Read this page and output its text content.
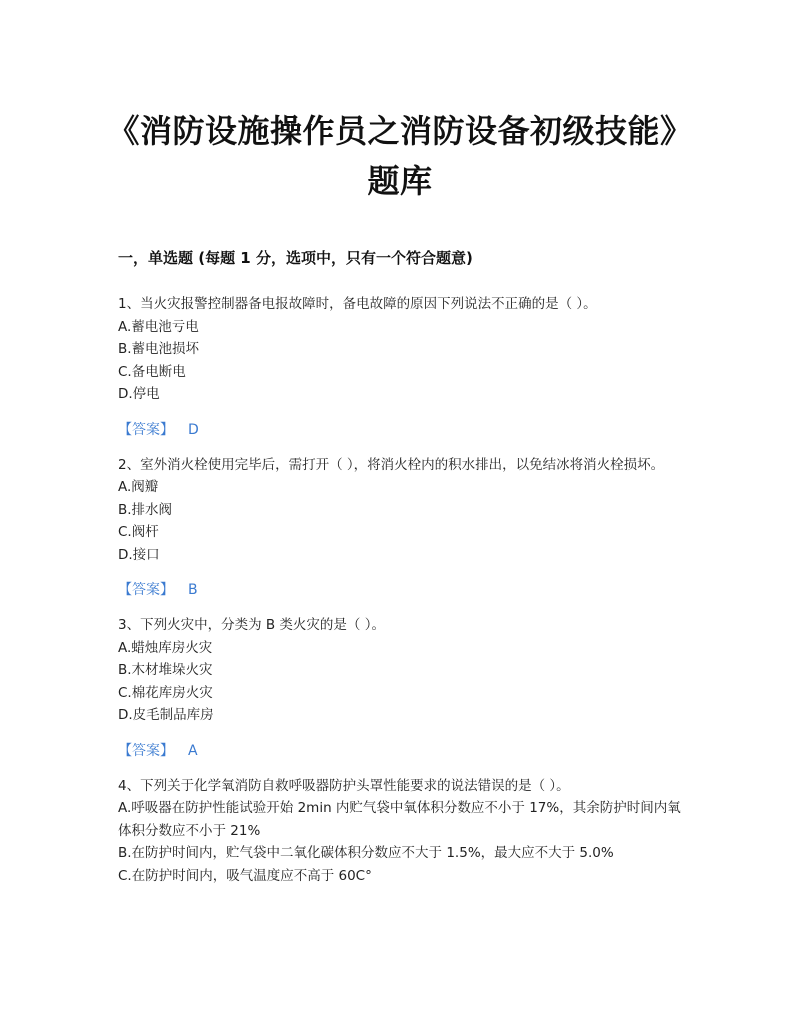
《消防设施操作员之消防设备初级技能》题库
一，单选题 (每题 1 分，选项中，只有一个符合题意)
1、当火灾报警控制器备电报故障时，备电故障的原因下列说法不正确的是（ ）。
A.蓄电池亏电
B.蓄电池损坏
C.备电断电
D.停电
【答案】 D
2、室外消火栓使用完毕后，需打开（ ），将消火栓内的积水排出，以免结冰将消火栓损坏。
A.阀瓣
B.排水阀
C.阀杆
D.接口
【答案】 B
3、下列火灾中，分类为 B 类火灾的是（ ）。
A.蜡烛库房火灾
B.木材堆垛火灾
C.棉花库房火灾
D.皮毛制品库房
【答案】 A
4、下列关于化学氧消防自救呼吸器防护头罩性能要求的说法错误的是（ ）。
A.呼吸器在防护性能试验开始 2min 内贮气袋中氧体积分数应不小于 17%，其余防护时间内氧体积分数应不小于 21%
B.在防护时间内，贮气袋中二氧化碳体积分数应不大于 1.5%，最大应不大于 5.0%
C.在防护时间内，吸气温度应不高于 60C°
